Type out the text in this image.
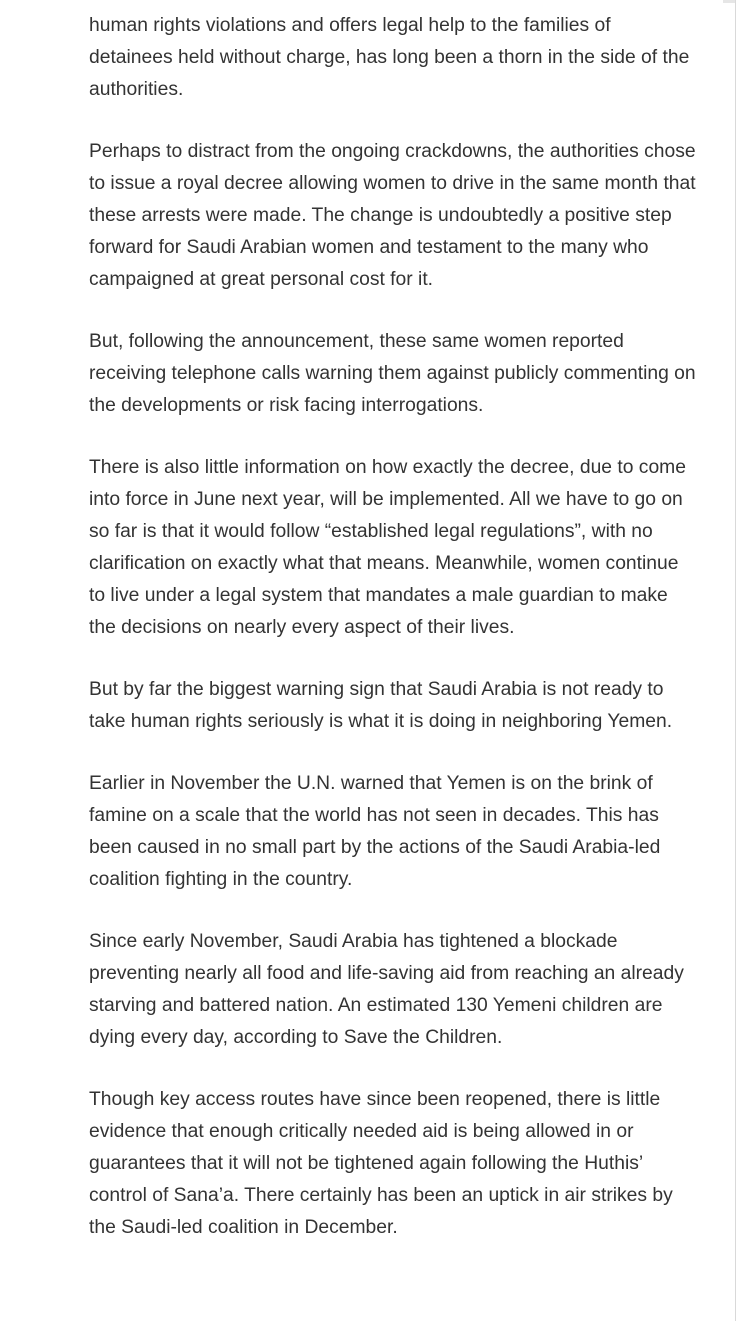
human rights violations and offers legal help to the families of detainees held without charge, has long been a thorn in the side of the authorities.

Perhaps to distract from the ongoing crackdowns, the authorities chose to issue a royal decree allowing women to drive in the same month that these arrests were made. The change is undoubtedly a positive step forward for Saudi Arabian women and testament to the many who campaigned at great personal cost for it.

But, following the announcement, these same women reported receiving telephone calls warning them against publicly commenting on the developments or risk facing interrogations.

There is also little information on how exactly the decree, due to come into force in June next year, will be implemented. All we have to go on so far is that it would follow “established legal regulations”, with no clarification on exactly what that means. Meanwhile, women continue to live under a legal system that mandates a male guardian to make the decisions on nearly every aspect of their lives.

But by far the biggest warning sign that Saudi Arabia is not ready to take human rights seriously is what it is doing in neighboring Yemen.

Earlier in November the U.N. warned that Yemen is on the brink of famine on a scale that the world has not seen in decades. This has been caused in no small part by the actions of the Saudi Arabia-led coalition fighting in the country.

Since early November, Saudi Arabia has tightened a blockade preventing nearly all food and life-saving aid from reaching an already starving and battered nation. An estimated 130 Yemeni children are dying every day, according to Save the Children.

Though key access routes have since been reopened, there is little evidence that enough critically needed aid is being allowed in or guarantees that it will not be tightened again following the Huthis’ control of Sana’a. There certainly has been an uptick in air strikes by the Saudi-led coalition in December.
